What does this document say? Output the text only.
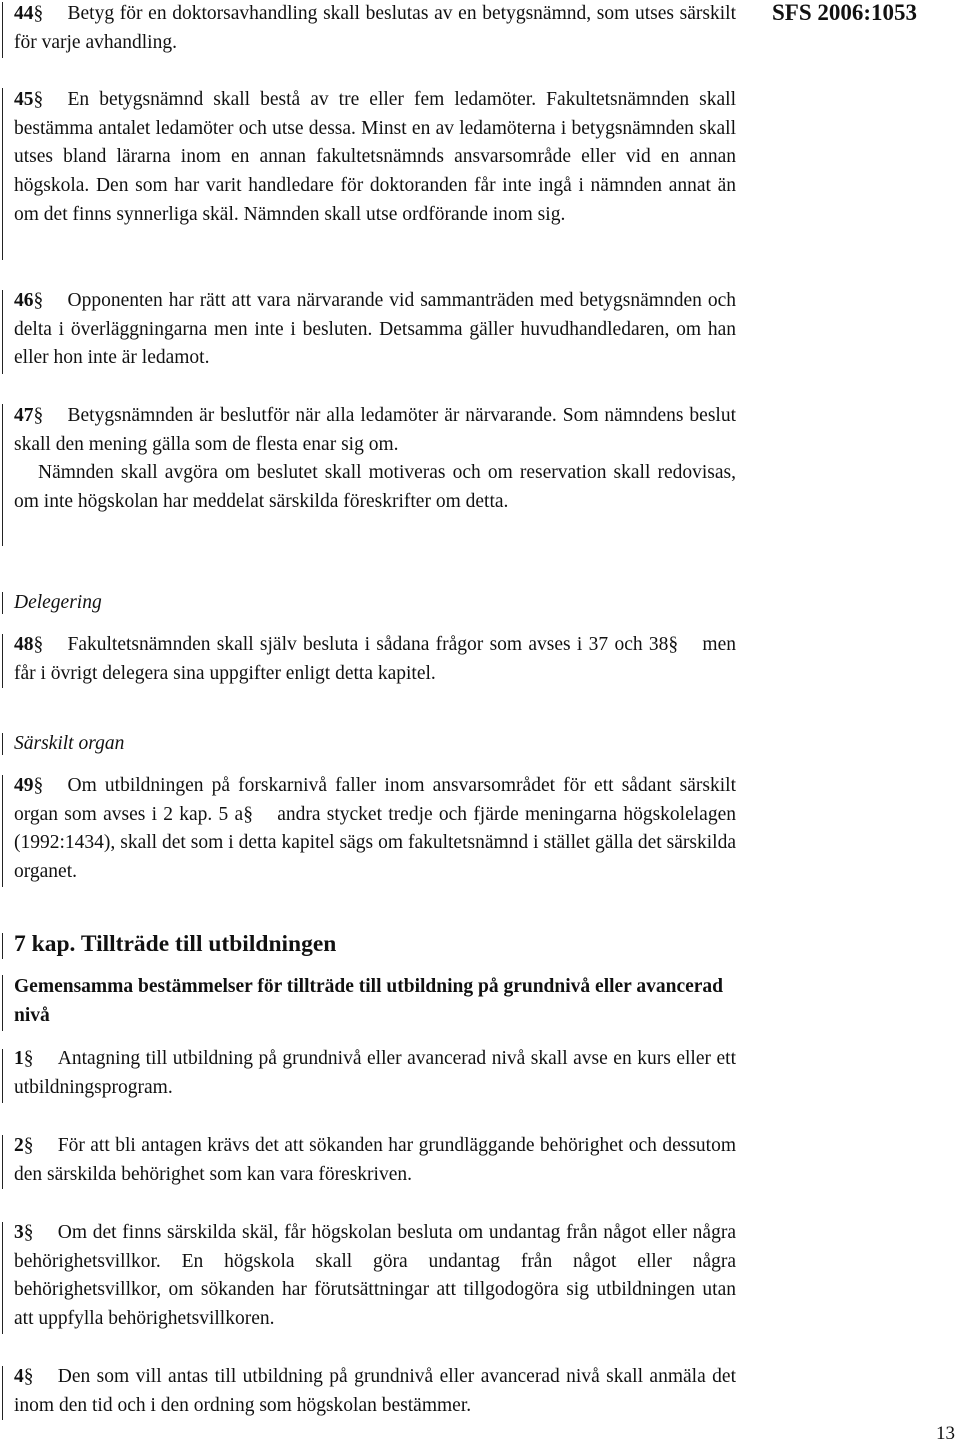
SFS 2006:1053

44§ Betyg för en doktorsavhandling skall beslutas av en betygsnämnd, som utses särskilt för varje avhandling.

45§ En betygsnämnd skall bestå av tre eller fem ledamöter. Fakultetsnämnden skall bestämma antalet ledamöter och utse dessa. Minst en av ledamöterna i betygsnämnden skall utses bland lärarna inom en annan fakultetsnämnds ansvarsområde eller vid en annan högskola. Den som har varit handledare för doktoranden får inte ingå i nämnden annat än om det finns synnerliga skäl. Nämnden skall utse ordförande inom sig.

46§ Opponenten har rätt att vara närvarande vid sammanträden med betygsnämnden och delta i överläggningarna men inte i besluten. Detsamma gäller huvudhandledaren, om han eller hon inte är ledamot.

47§ Betygsnämnden är beslutför när alla ledamöter är närvarande. Som nämndens beslut skall den mening gälla som de flesta enar sig om.

Nämnden skall avgöra om beslutet skall motiveras och om reservation skall redovisas, om inte högskolan har meddelat särskilda föreskrifter om detta.

Delegering

48§ Fakultetsnämnden skall själv besluta i sådana frågor som avses i 37 och 38§ men får i övrigt delegera sina uppgifter enligt detta kapitel.

Särskilt organ

49§ Om utbildningen på forskarnivå faller inom ansvarsområdet för ett sådant särskilt organ som avses i 2 kap. 5 a§ andra stycket tredje och fjärde meningarna högskolelagen (1992:1434), skall det som i detta kapitel sägs om fakultetsnämnd i stället gälla det särskilda organet.

7 kap. Tillträde till utbildningen
Gemensamma bestämmelser för tillträde till utbildning på grundnivå eller avancerad nivå

1§ Antagning till utbildning på grundnivå eller avancerad nivå skall avse en kurs eller ett utbildningsprogram.

2§ För att bli antagen krävs det att sökanden har grundläggande behörighet och dessutom den särskilda behörighet som kan vara föreskriven.

3§ Om det finns särskilda skäl, får högskolan besluta om undantag från något eller några behörighetsvillkor. En högskola skall göra undantag från något eller några behörighetsvillkor, om sökanden har förutsättningar att tillgodogöra sig utbildningen utan att uppfylla behörighetsvillkoren.

4§ Den som vill antas till utbildning på grundnivå eller avancerad nivå skall anmäla det inom den tid och i den ordning som högskolan bestämmer.

13
